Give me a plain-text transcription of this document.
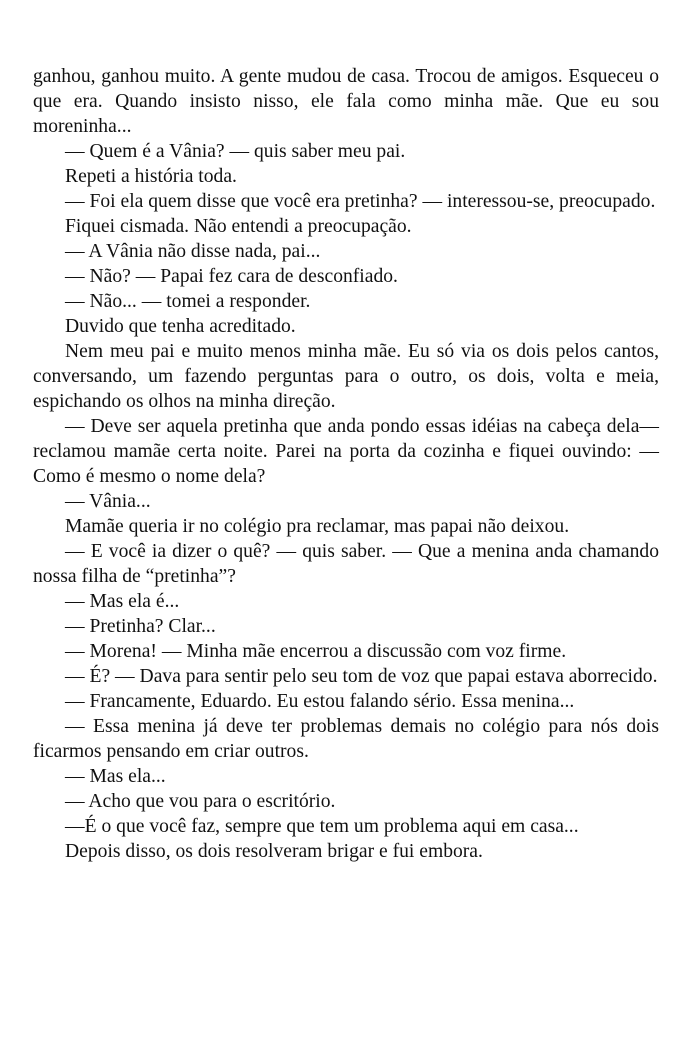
ganhou, ganhou muito. A gente mudou de casa. Trocou de amigos. Esqueceu o que era. Quando insisto nisso, ele fala como minha mãe. Que eu sou moreninha...

— Quem é a Vânia? — quis saber meu pai.

Repeti a história toda.

— Foi ela quem disse que você era pretinha? — interessou-se, preocupado.

Fiquei cismada. Não entendi a preocupação.

— A Vânia não disse nada, pai...

— Não? — Papai fez cara de desconfiado.

— Não... — tomei a responder.

Duvido que tenha acreditado.

Nem meu pai e muito menos minha mãe. Eu só via os dois pelos cantos, conversando, um fazendo perguntas para o outro, os dois, volta e meia, espichando os olhos na minha direção.

— Deve ser aquela pretinha que anda pondo essas idéias na cabeça dela—reclamou mamãe certa noite. Parei na porta da cozinha e fiquei ouvindo: — Como é mesmo o nome dela?

— Vânia...

Mamãe queria ir no colégio pra reclamar, mas papai não deixou.

— E você ia dizer o quê? — quis saber. — Que a menina anda chamando nossa filha de “pretinha”?

— Mas ela é...

— Pretinha? Clar...

— Morena! — Minha mãe encerrou a discussão com voz firme.

— É? — Dava para sentir pelo seu tom de voz que papai estava aborrecido.

— Francamente, Eduardo. Eu estou falando sério. Essa menina...

— Essa menina já deve ter problemas demais no colégio para nós dois ficarmos pensando em criar outros.

— Mas ela...

— Acho que vou para o escritório.

—É o que você faz, sempre que tem um problema aqui em casa...

Depois disso, os dois resolveram brigar e fui embora.
